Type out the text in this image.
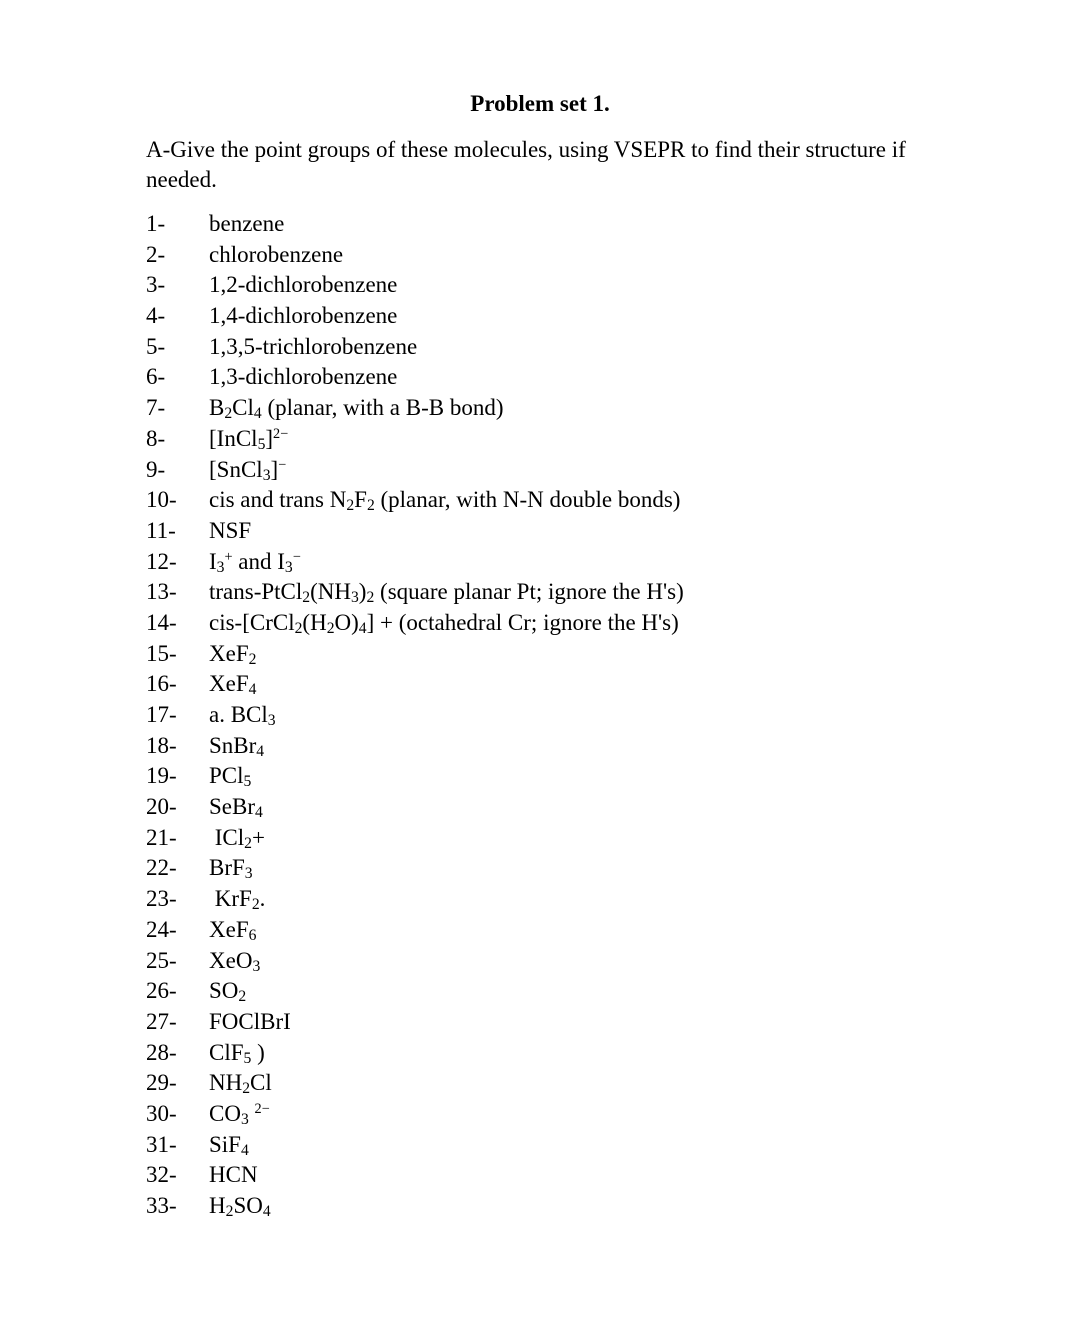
Problem set 1.
A-Give the point groups of these molecules, using VSEPR to find their structure if needed.
1- benzene
2- chlorobenzene
3- 1,2-dichlorobenzene
4- 1,4-dichlorobenzene
5- 1,3,5-trichlorobenzene
6- 1,3-dichlorobenzene
7- $B_2Cl_4$ (planar, with a B-B bond)
8- [InCl$_5$]$^{2-}$
9- [SnCl$_3$]−
10- cis and trans $N_2F_2$ (planar, with N-N double bonds)
11- NSF
12- $I_3^+$ and $I_3^-$
13- trans-$PtCl_2(NH_3)_2$ (square planar Pt; ignore the H's)
14- cis-$[CrCl_2(H_2O)_4]$ + (octahedral Cr; ignore the H's)
15- XeF$_2$
16- XeF$_4$
17- a. BCl$_3$
18- SnBr$_4$
19- PCl$_5$
20- SeBr$_4$
21- ICl$_2$+
22- BrF$_3$
23- KrF$_2$.
24- XeF$_6$
25- XeO$_3$
26- $SO_2$
27- FOClBrI
28- ClF$_5$ )
29- $NH_2Cl$
30- $CO_3$ $^{2-}$
31- SiF$_4$
32- HCN
33- $H_2SO_4$
